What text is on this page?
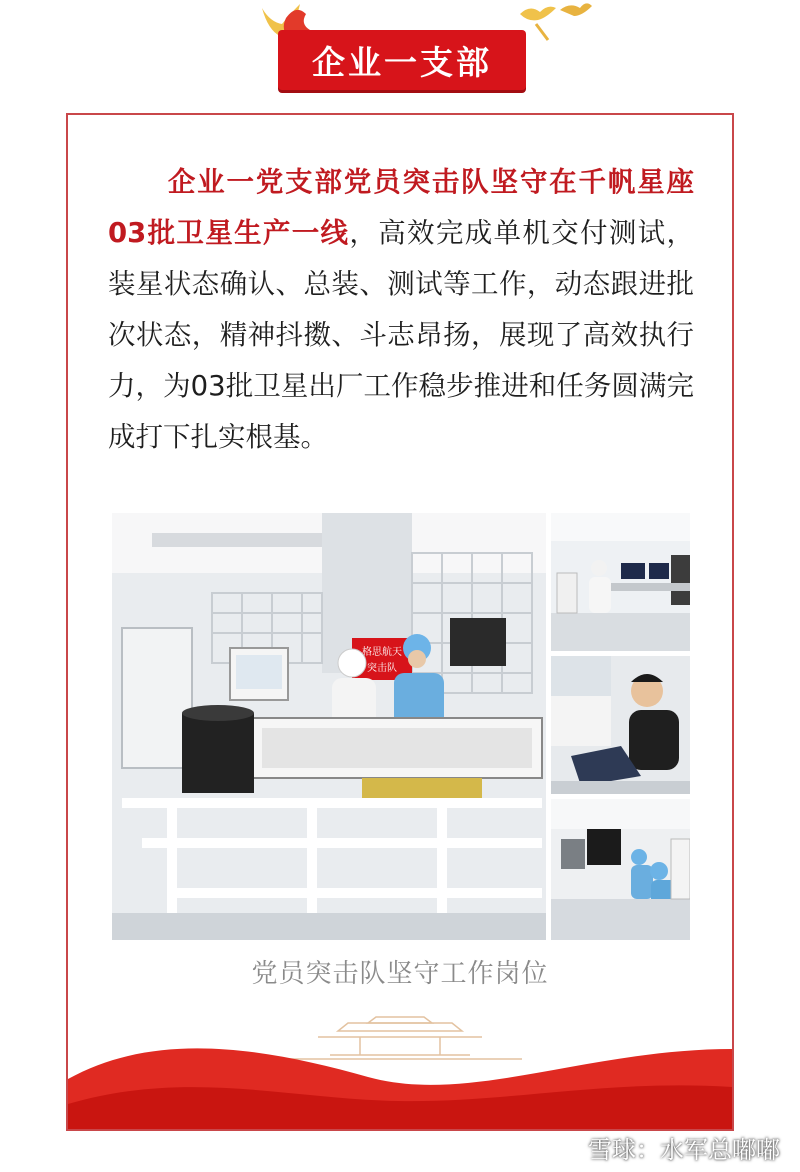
企业一支部

企业一党支部党员突击队坚守在千帆星座03批卫星生产一线，高效完成单机交付测试，装星状态确认、总装、测试等工作，动态跟进批次状态，精神抖擞、斗志昂扬，展现了高效执行力，为03批卫星出厂工作稳步推进和任务圆满完成打下扎实根基。

格思航天
突击队
党员突击队坚守工作岗位
雪球：水军总嘟嘟
